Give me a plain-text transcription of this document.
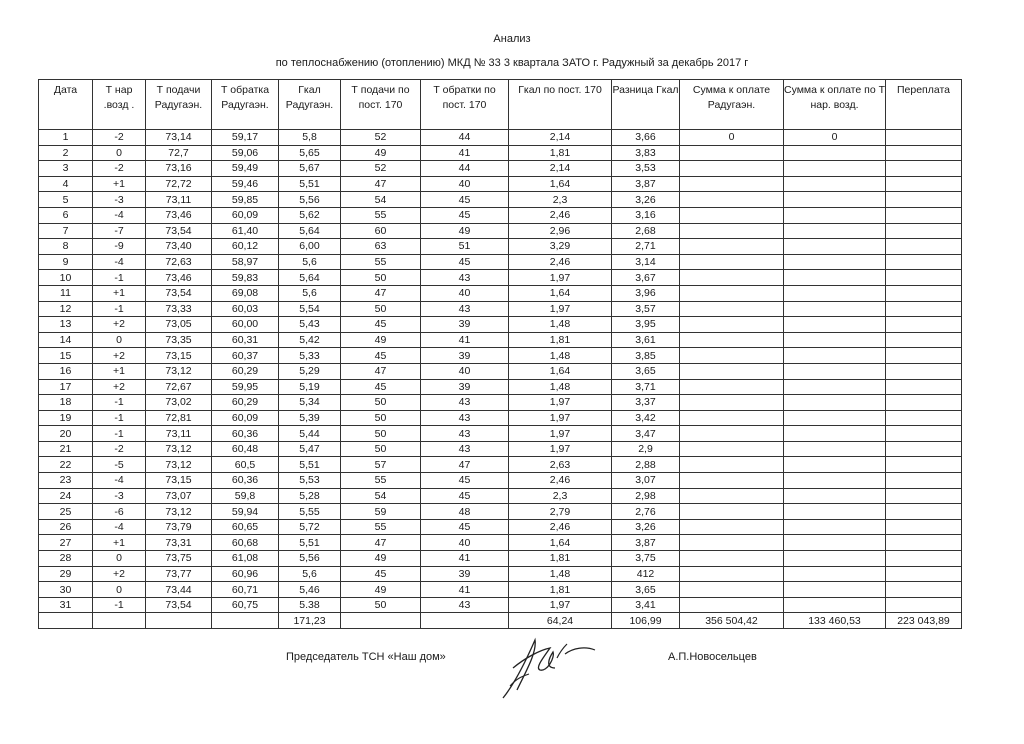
Анализ
по теплоснабжению (отоплению) МКД № 33 3 квартала ЗАТО г. Радужный за декабрь 2017 г
Дата	Т нар .возд .	Т подачи Радугаэн.	Т обратка Радугаэн.	Гкал Радугаэн.	Т подачи по пост. 170	Т обратки по пост. 170	Гкал по пост. 170	Разница Гкал	Сумма к оплате Радугаэн.	Сумма к оплате по Т нар. возд.	Переплата
1	-2	73,14	59,17	5,8	52	44	2,14	3,66	0	0	
2	0	72,7	59,06	5,65	49	41	1,81	3,83			
3	-2	73,16	59,49	5,67	52	44	2,14	3,53			
4	+1	72,72	59,46	5,51	47	40	1,64	3,87			
5	-3	73,11	59,85	5,56	54	45	2,3	3,26			
6	-4	73,46	60,09	5,62	55	45	2,46	3,16			
7	-7	73,54	61,40	5,64	60	49	2,96	2,68			
8	-9	73,40	60,12	6,00	63	51	3,29	2,71			
9	-4	72,63	58,97	5,6	55	45	2,46	3,14			
10	-1	73,46	59,83	5,64	50	43	1,97	3,67			
11	+1	73,54	69,08	5,6	47	40	1,64	3,96			
12	-1	73,33	60,03	5,54	50	43	1,97	3,57			
13	+2	73,05	60,00	5,43	45	39	1,48	3,95			
14	0	73,35	60,31	5,42	49	41	1,81	3,61			
15	+2	73,15	60,37	5,33	45	39	1,48	3,85			
16	+1	73,12	60,29	5,29	47	40	1,64	3,65			
17	+2	72,67	59,95	5,19	45	39	1,48	3,71			
18	-1	73,02	60,29	5,34	50	43	1,97	3,37			
19	-1	72,81	60,09	5,39	50	43	1,97	3,42			
20	-1	73,11	60,36	5,44	50	43	1,97	3,47			
21	-2	73,12	60,48	5,47	50	43	1,97	2,9			
22	-5	73,12	60,5	5,51	57	47	2,63	2,88			
23	-4	73,15	60,36	5,53	55	45	2,46	3,07			
24	-3	73,07	59,8	5,28	54	45	2,3	2,98			
25	-6	73,12	59,94	5,55	59	48	2,79	2,76			
26	-4	73,79	60,65	5,72	55	45	2,46	3,26			
27	+1	73,31	60,68	5,51	47	40	1,64	3,87			
28	0	73,75	61,08	5,56	49	41	1,81	3,75			
29	+2	73,77	60,96	5,6	45	39	1,48	412			
30	0	73,44	60,71	5,46	49	41	1,81	3,65			
31	-1	73,54	60,75	5.38	50	43	1,97	3,41			
				171,23			64,24	106,99	356 504,42	133 460,53	223 043,89
Председатель ТСН «Наш дом»	А.П.Новосельцев
